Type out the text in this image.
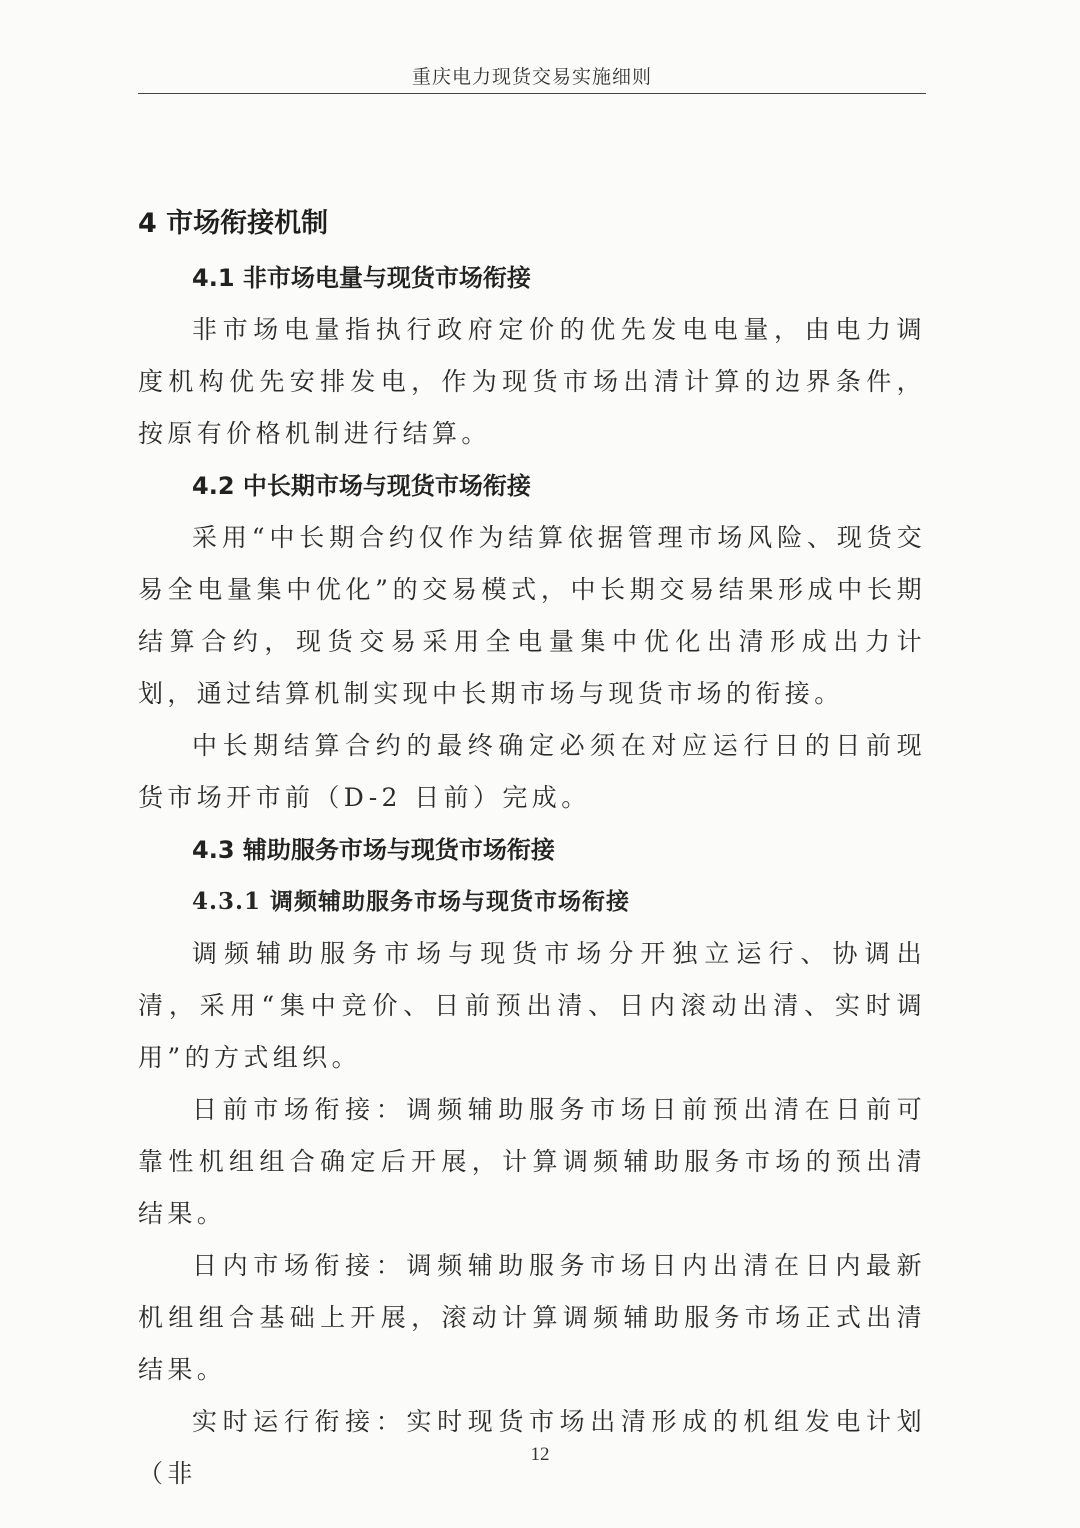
重庆电力现货交易实施细则
4 市场衔接机制
4.1 非市场电量与现货市场衔接

非市场电量指执行政府定价的优先发电电量，由电力调度机构优先安排发电，作为现货市场出清计算的边界条件，按原有价格机制进行结算。

4.2 中长期市场与现货市场衔接

采用“中长期合约仅作为结算依据管理市场风险、现货交易全电量集中优化”的交易模式，中长期交易结果形成中长期结算合约，现货交易采用全电量集中优化出清形成出力计划，通过结算机制实现中长期市场与现货市场的衔接。

中长期结算合约的最终确定必须在对应运行日的日前现货市场开市前（D-2 日前）完成。

4.3 辅助服务市场与现货市场衔接
4.3.1 调频辅助服务市场与现货市场衔接

调频辅助服务市场与现货市场分开独立运行、协调出清，采用“集中竞价、日前预出清、日内滚动出清、实时调用”的方式组织。

日前市场衔接：调频辅助服务市场日前预出清在日前可靠性机组组合确定后开展，计算调频辅助服务市场的预出清结果。

日内市场衔接：调频辅助服务市场日内出清在日内最新机组组合基础上开展，滚动计算调频辅助服务市场正式出清结果。

实时运行衔接：实时现货市场出清形成的机组发电计划（非

12
